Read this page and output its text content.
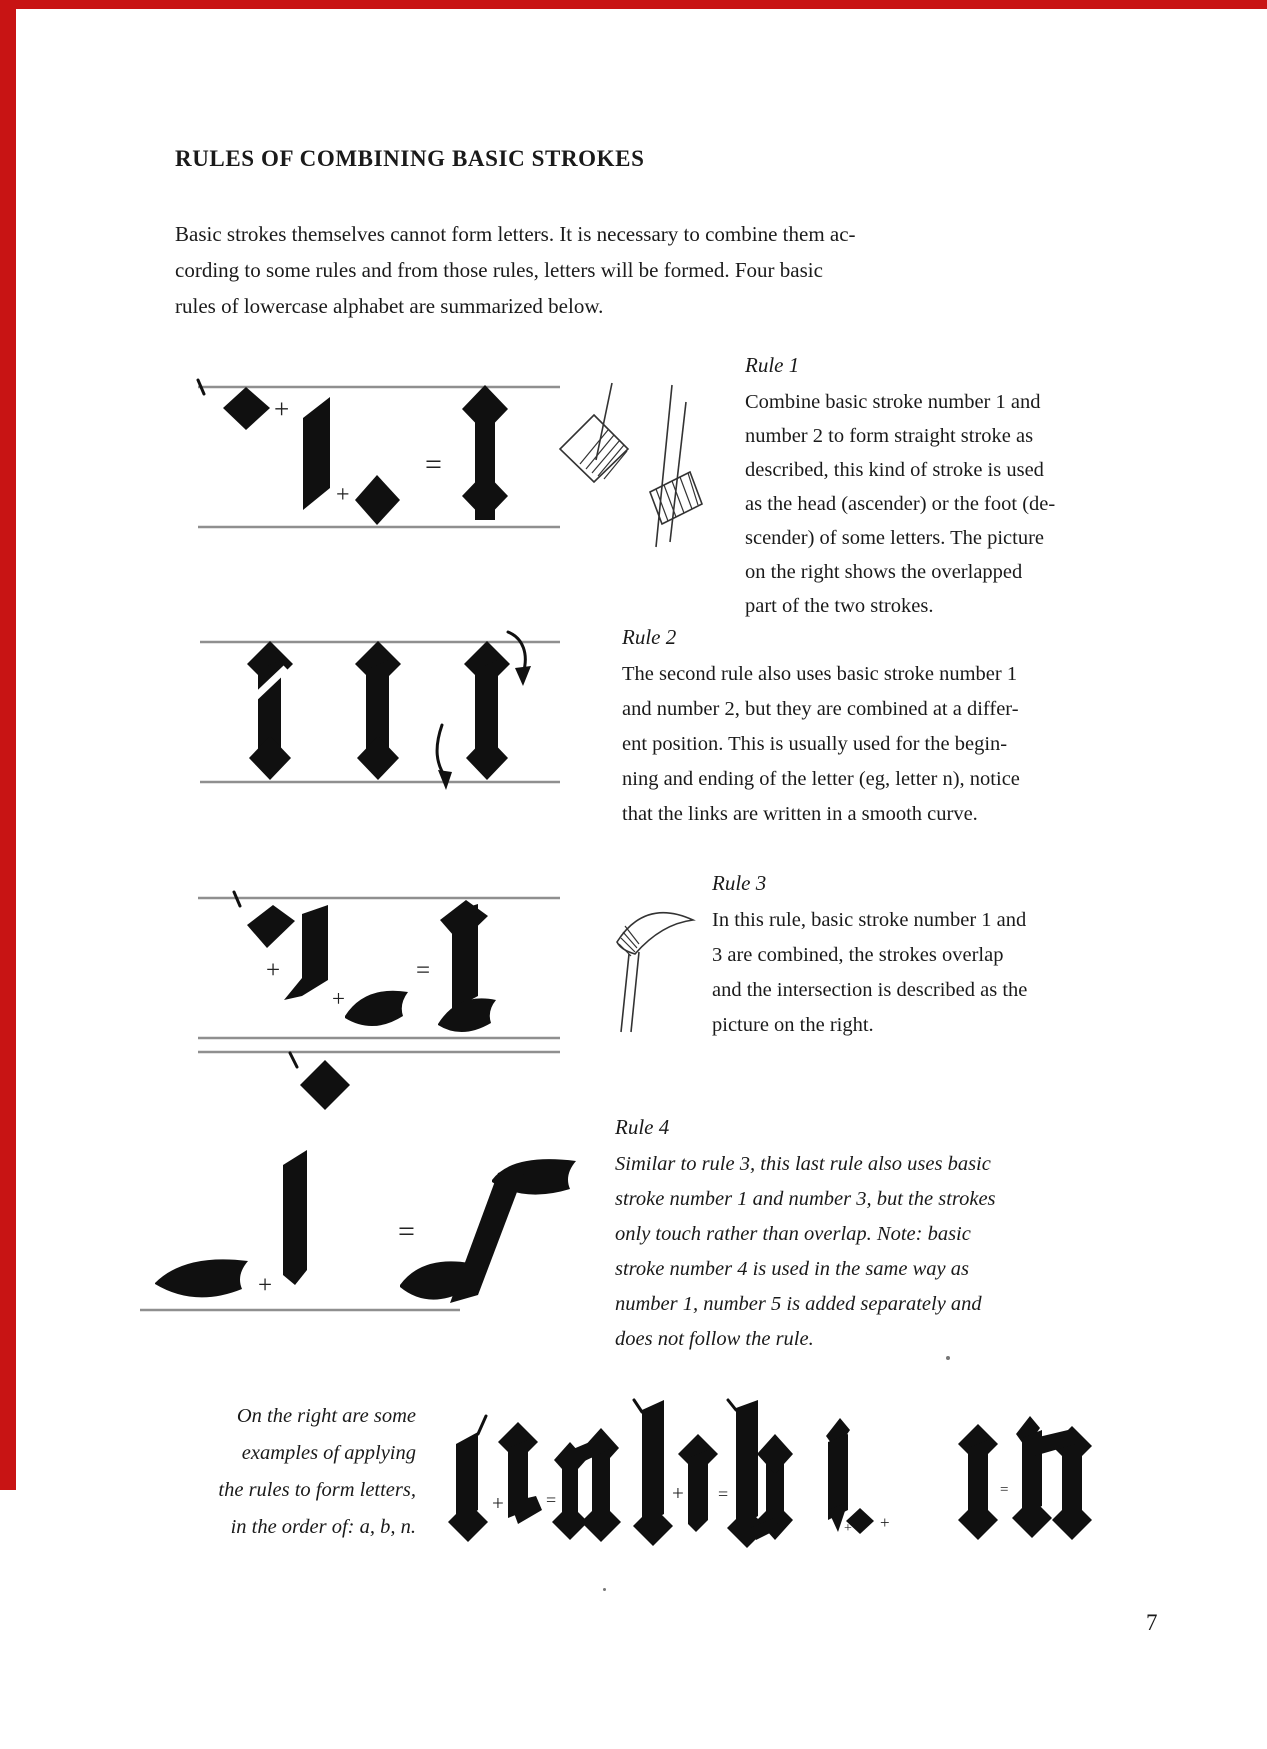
RULES OF COMBINING BASIC STROKES
Basic strokes themselves cannot form letters. It is necessary to combine them ac-
cording to some rules and from those rules, letters will be formed. Four basic
rules of lowercase alphabet are summarized below.
+
+
=
+
+
=
+
=
Rule 1
Combine basic stroke number 1 and
number 2 to form straight stroke as
described, this kind of stroke is used
as the head (ascender) or the foot (de-
scender) of some letters. The picture
on the right shows the overlapped
part of the two strokes.
Rule 2
The second rule also uses basic stroke number 1
and number 2, but they are combined at a differ-
ent position. This is usually used for the begin-
ning and ending of the letter (eg, letter n), notice
that the links are written in a smooth curve.
Rule 3
In this rule, basic stroke number 1 and
3 are combined, the strokes overlap
and the intersection is described as the
picture on the right.
Rule 4
Similar to rule 3, this last rule also uses basic
stroke number 1 and number 3, but the strokes
only touch rather than overlap. Note: basic
stroke number 4 is used in the same way as
number 1, number 5 is added separately and
does not follow the rule.
On the right are some
examples of applying
the rules to form letters,
in the order of: a, b, n.
+ =	+ =
+ +
=
7
